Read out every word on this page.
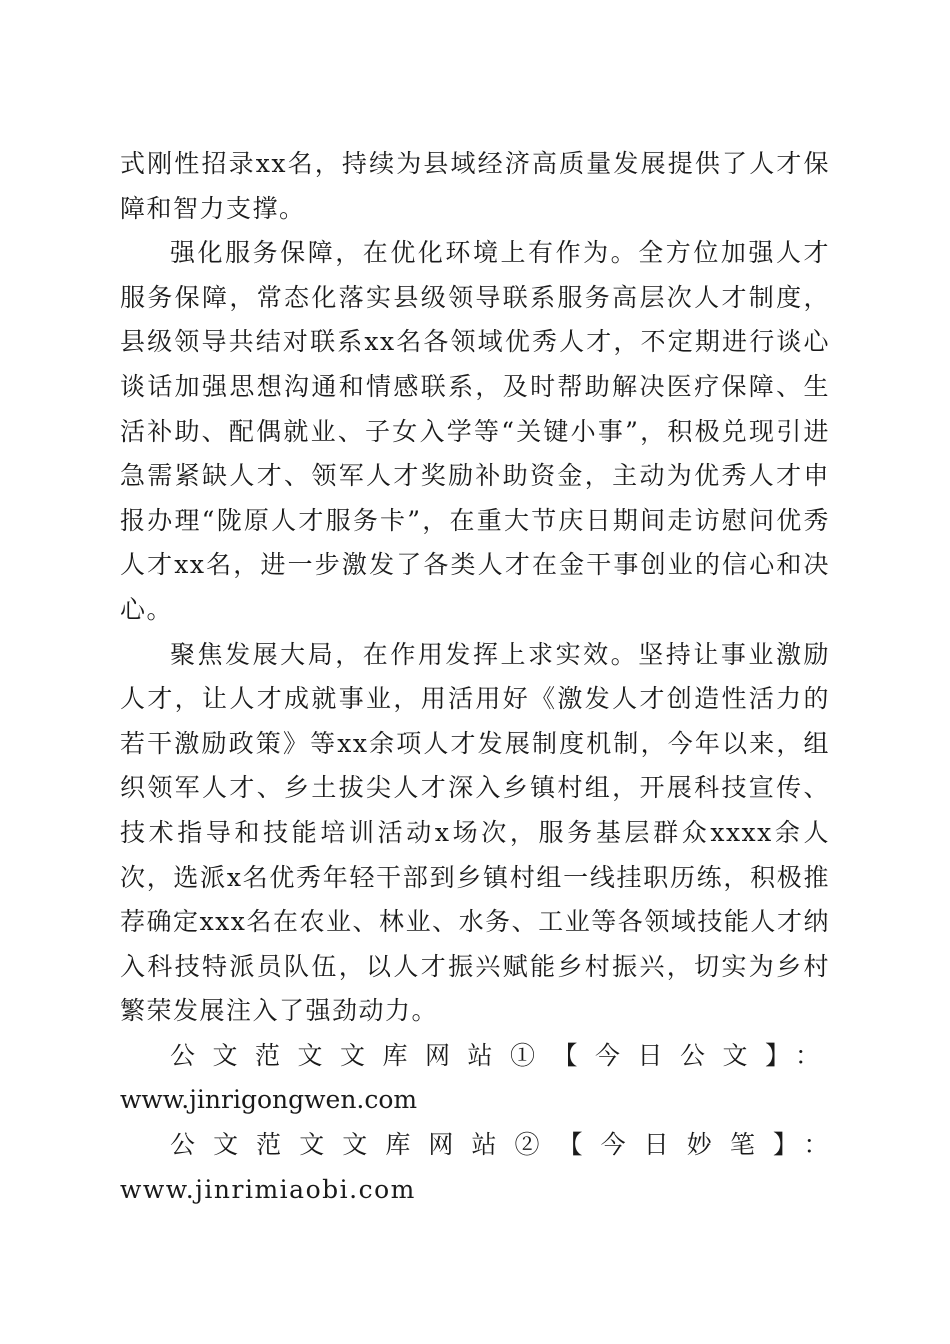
式刚性招录xx名，持续为县域经济高质量发展提供了人才保障和智力支撑。

强化服务保障，在优化环境上有作为。全方位加强人才服务保障，常态化落实县级领导联系服务高层次人才制度，县级领导共结对联系xx名各领域优秀人才，不定期进行谈心谈话加强思想沟通和情感联系，及时帮助解决医疗保障、生活补助、配偶就业、子女入学等“关键小事”，积极兑现引进急需紧缺人才、领军人才奖励补助资金，主动为优秀人才申报办理“陇原人才服务卡”，在重大节庆日期间走访慰问优秀人才xx名，进一步激发了各类人才在金干事创业的信心和决心。

聚焦发展大局，在作用发挥上求实效。坚持让事业激励人才，让人才成就事业，用活用好《激发人才创造性活力的若干激励政策》等xx余项人才发展制度机制，今年以来，组织领军人才、乡土拔尖人才深入乡镇村组，开展科技宣传、技术指导和技能培训活动x场次，服务基层群众xxxx余人次，选派x名优秀年轻干部到乡镇村组一线挂职历练，积极推荐确定xxx名在农业、林业、水务、工业等各领域技能人才纳入科技特派员队伍，以人才振兴赋能乡村振兴，切实为乡村繁荣发展注入了强劲动力。

公文范文文库网站①【今日公文】：www.jinrigongwen.com

公文范文文库网站②【今日妙笔】：www.jinrimiaobi.com
